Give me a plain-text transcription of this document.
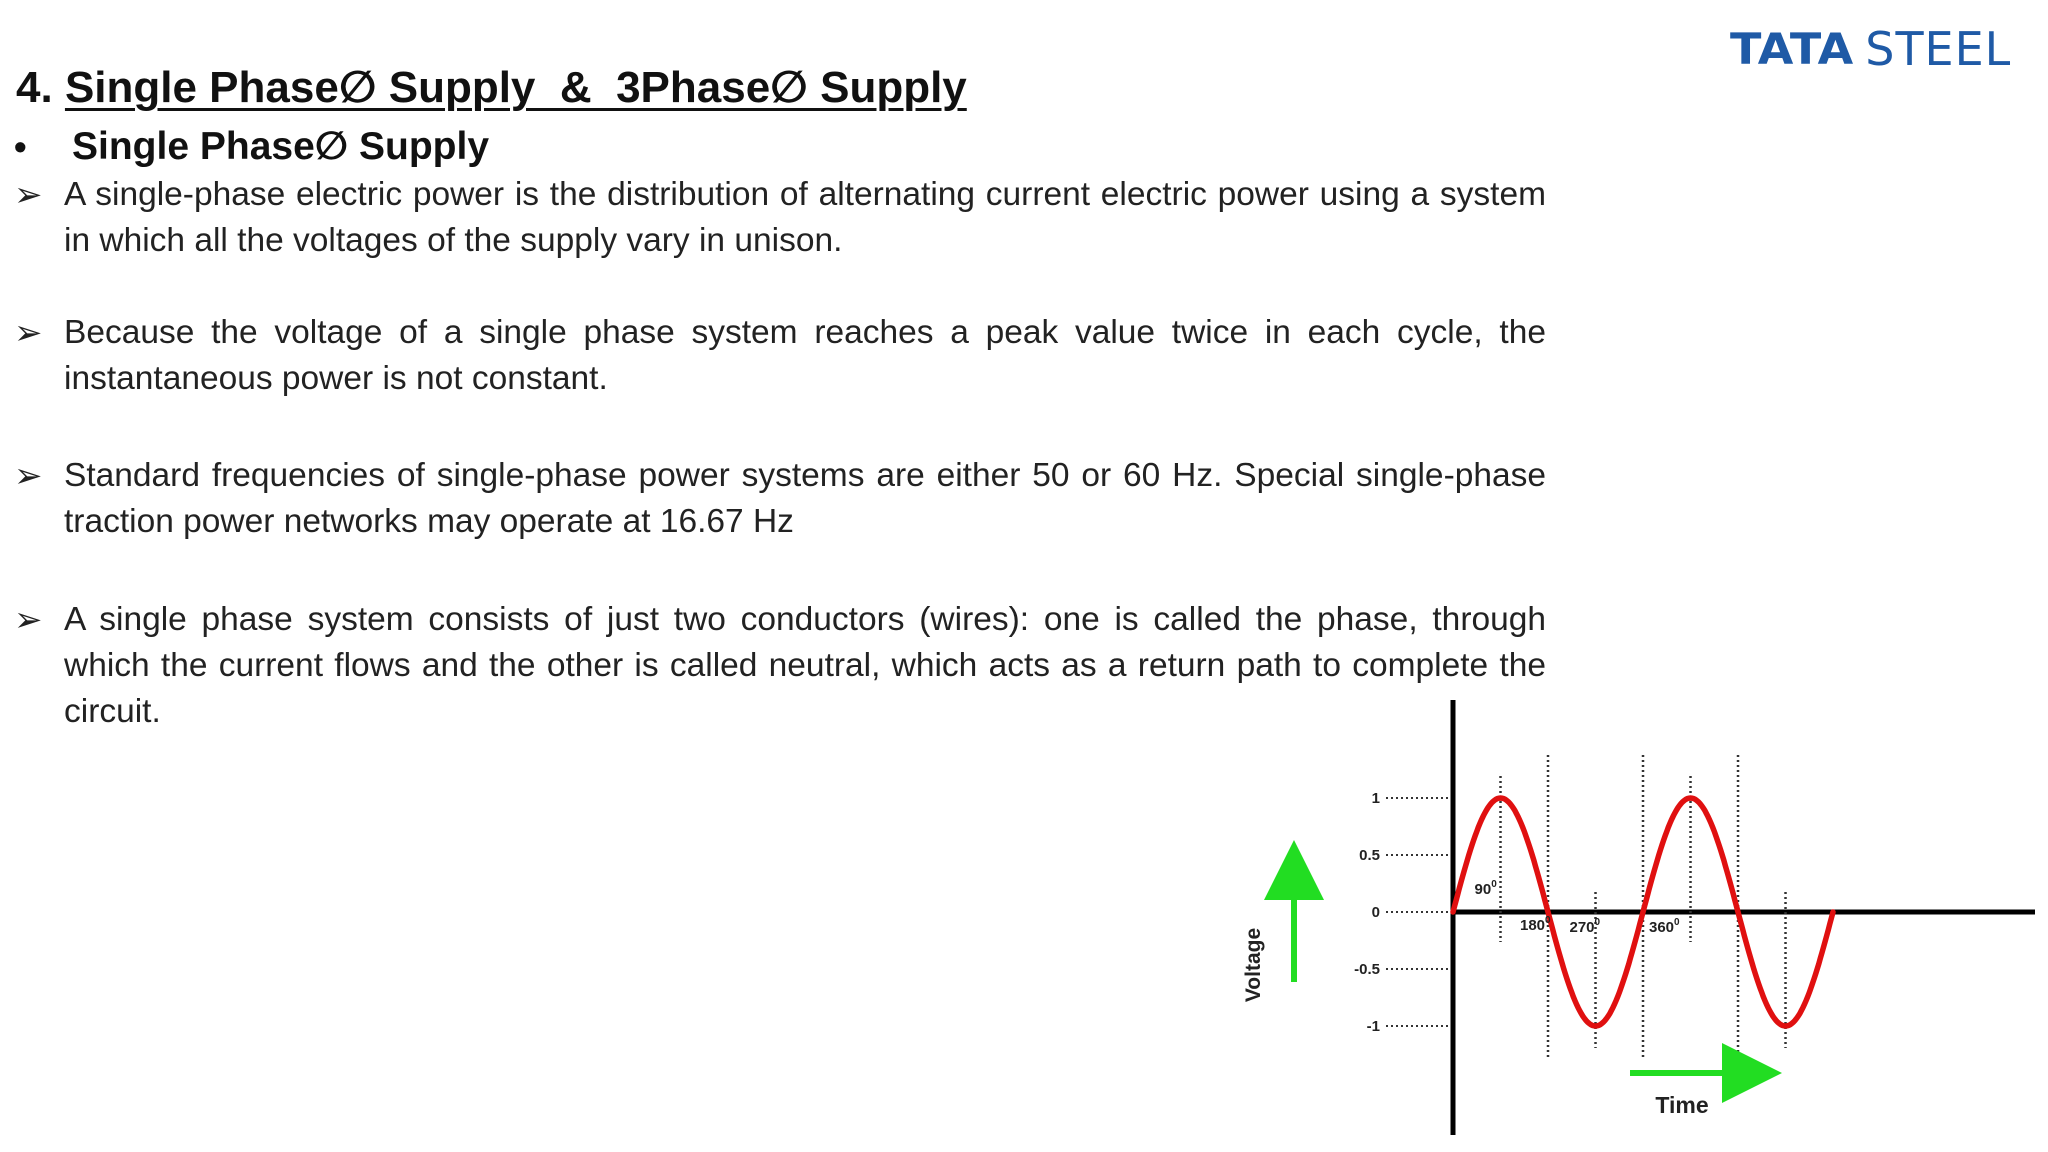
TATA STEEL
4. Single Phase∅ Supply  &  3Phase∅ Supply
• Single Phase∅ Supply
➢ A single-phase electric power is the distribution of alternating current electric power using a system in which all the voltages of the supply vary in unison.
➢ Because the voltage of a single phase system reaches a peak value twice in each cycle, the instantaneous power is not constant.
➢ Standard frequencies of single-phase power systems are either 50 or 60 Hz. Special single-phase traction power networks may operate at 16.67 Hz
➢ A single phase system consists of just two conductors (wires): one is called the phase, through which the current flows and the other is called neutral, which acts as a return path to complete the circuit.
1
0.5
0
-0.5
-1
$90^0$
$180^0$ $270^0$	$360^0$
Voltage
Time
